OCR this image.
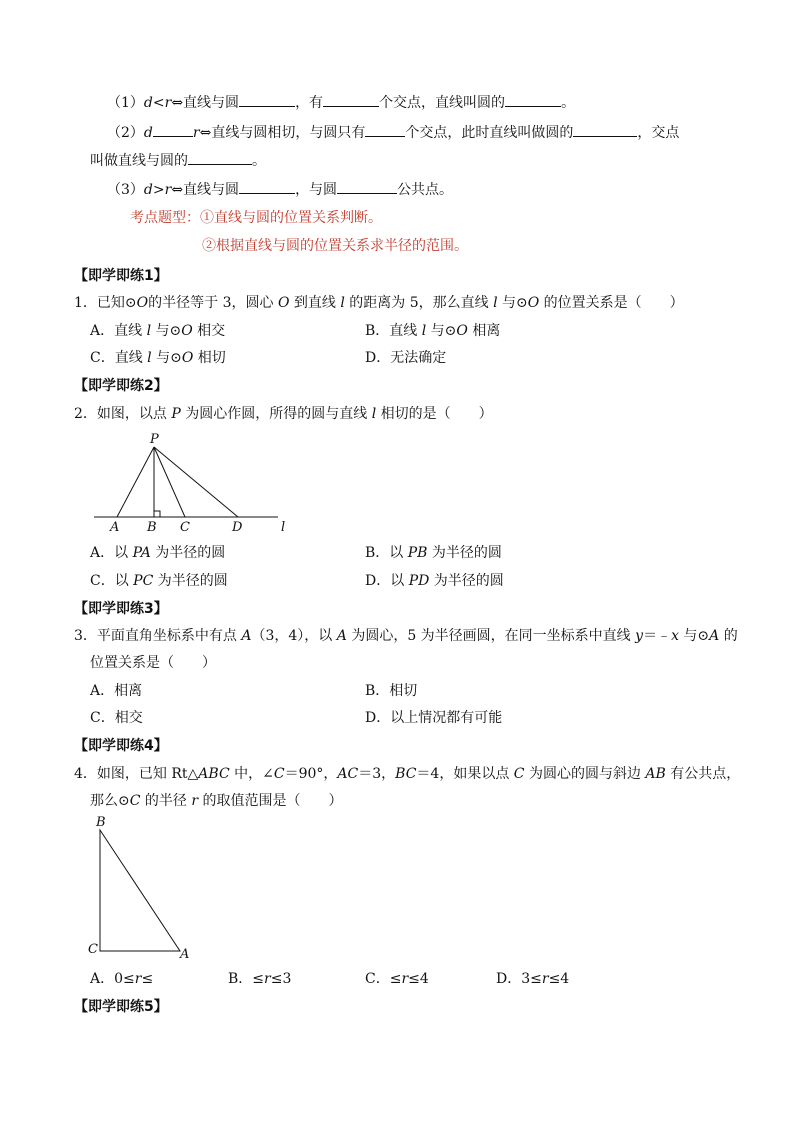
（1）d<r⇔直线与圆	，有	个交点，直线叫圆的	。
（2）d	r⇔直线与圆相切，与圆只有	个交点，此时直线叫做圆的	，交点
叫做直线与圆的	。
（3）d>r⇔直线与圆	，与圆	公共点。
考点题型：①直线与圆的位置关系判断。
②根据直线与圆的位置关系求半径的范围。
【即学即练1】
1．已知⊙O的半径等于 3，圆心 O 到直线 l 的距离为 5，那么直线 l 与⊙O 的位置关系是（　　）
A．直线 l 与⊙O 相交	B．直线 l 与⊙O 相离
C．直线 l 与⊙O 相切	D．无法确定
【即学即练2】
2．如图，以点 P 为圆心作圆，所得的圆与直线 l 相切的是（　　）
P
A B C	D	l
A．以 PA 为半径的圆	B．以 PB 为半径的圆
C．以 PC 为半径的圆	D．以 PD 为半径的圆
【即学即练3】
3．平面直角坐标系中有点 A（3，4），以 A 为圆心，5 为半径画圆，在同一坐标系中直线 y＝﹣x 与⊙A 的
位置关系是（　　）
A．相离	B．相切
C．相交	D．以上情况都有可能
【即学即练4】
4．如图，已知 Rt△ABC 中，∠C＝90°，AC＝3，BC＝4，如果以点 C 为圆心的圆与斜边 AB 有公共点，
那么⊙C 的半径 r 的取值范围是（　　）
B
C	A
A．0≤r≤	B．≤r≤3	C．≤r≤4	D．3≤r≤4
【即学即练5】
